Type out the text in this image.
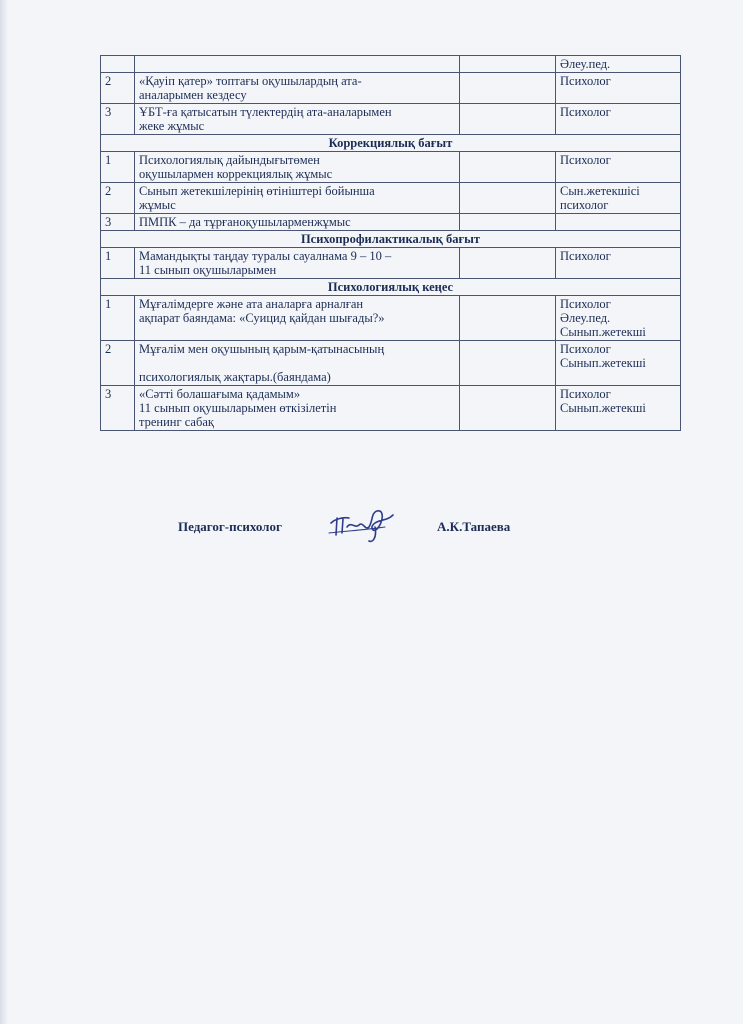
			Әлеу.пед.
2	«Қауіп қатер» топтағы оқушылардың ата-
аналарымен кездесу		Психолог
3	ҰБТ-ға қатысатын түлектердің ата-аналарымен
жеке жұмыс		Психолог
Коррекциялық бағыт			
1	Психологиялық дайындығытөмен
оқушылармен коррекциялық жұмыс		Психолог
2	Сынып жетекшілерінің өтініштері бойынша
жұмыс		Сын.жетекшісі
психолог
3	ПМПК – да тұрғаноқушыларменжұмыс		
Психопрофилактикалық бағыт			
1	Мамандықты таңдау туралы сауалнама 9 – 10 –
11 сынып оқушыларымен		Психолог
Психологиялық кеңес			
1	Мұғалімдерге және ата аналарға арналған
ақпарат баяндама: «Суицид қайдан шығады?»		Психолог
Әлеу.пед.
Сынып.жетекші
2	Мұғалім мен оқушының қарым-қатынасының

психологиялық жақтары.(баяндама)		Психолог
Сынып.жетекші
3	«Сәтті болашағыма қадамым»
11 сынып оқушыларымен өткізілетін
тренинг сабақ		Психолог
Сынып.жетекші
Педагог-психолог	А.К.Тапаева
